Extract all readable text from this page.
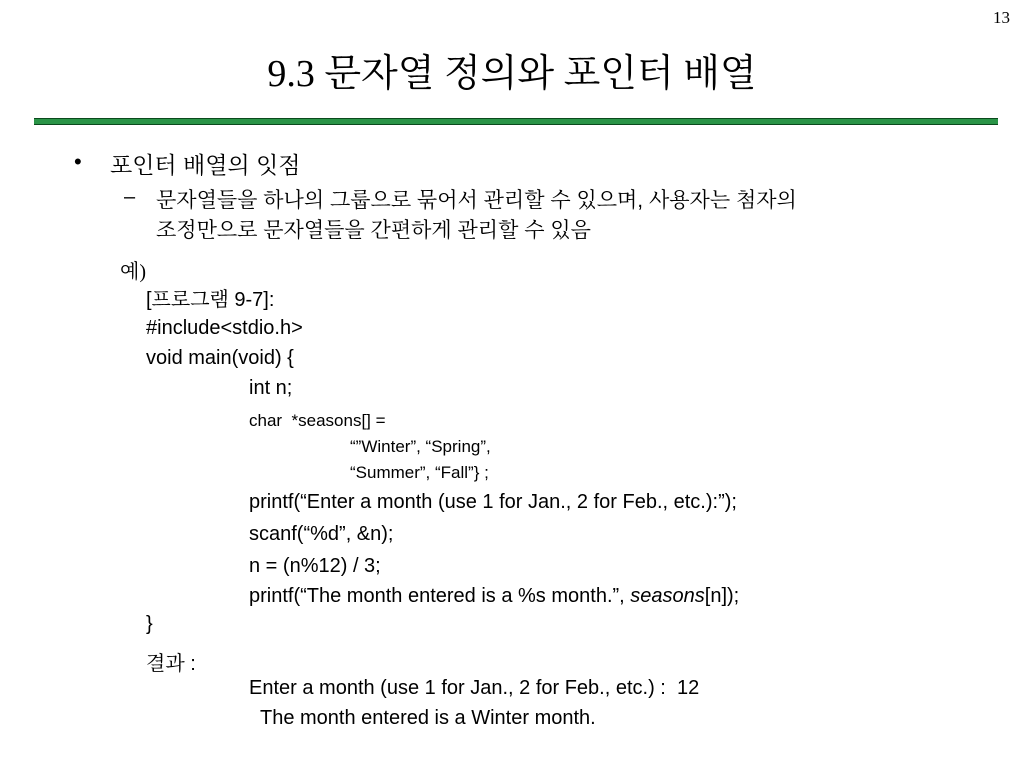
13
9.3 문자열 정의와 포인터 배열
• 포인터 배열의 잇점
– 문자열들을 하나의 그룹으로 묶어서 관리할 수 있으며, 사용자는 첨자의
조정만으로 문자열들을 간편하게 관리할 수 있음
예)
[프로그램 9-7]:
#include<stdio.h>
void main(void) {
int n;
char  *seasons[] =
“”Winter”, “Spring”,
“Summer”, “Fall”} ;
printf(“Enter a month (use 1 for Jan., 2 for Feb., etc.):”);
scanf(“%d”, &n);
n = (n%12) / 3;
printf(“The month entered is a %s month.”, seasons[n]);
}
결과 :
Enter a month (use 1 for Jan., 2 for Feb., etc.) :  12
The month entered is a Winter month.
